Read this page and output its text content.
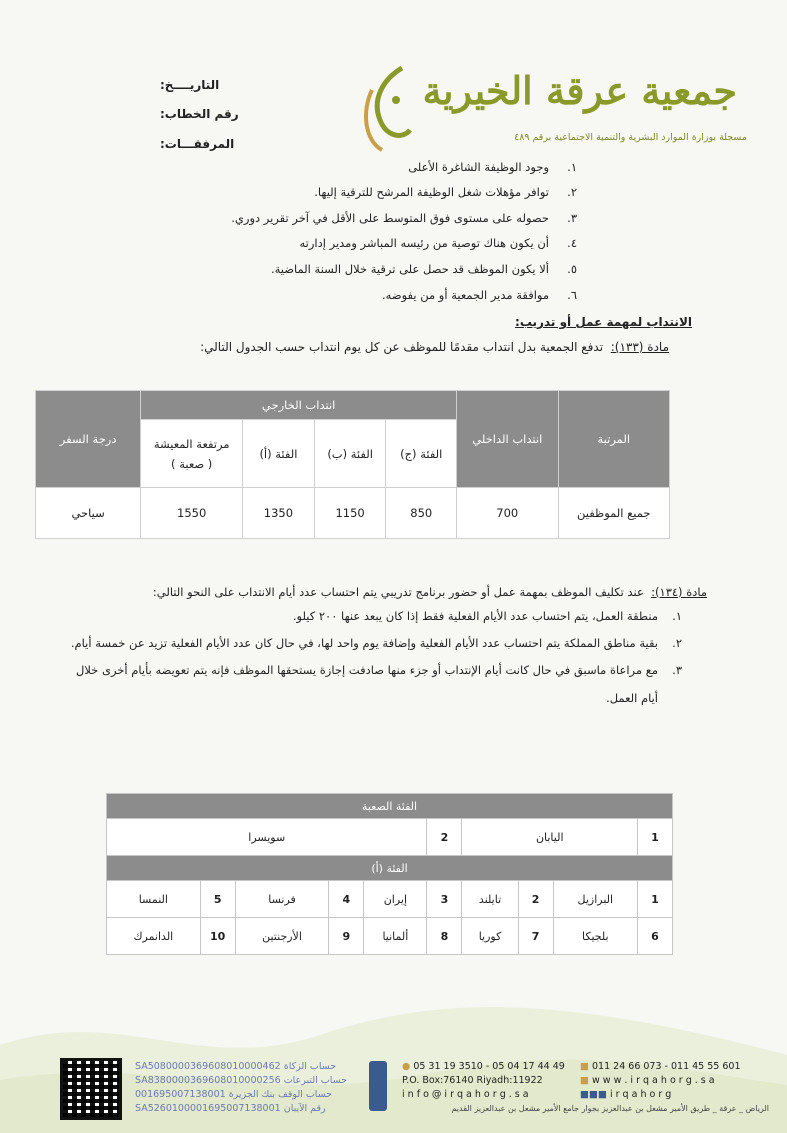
جمعية عرقة الخيرية
مسجلة بوزارة الموارد البشرية والتنمية الاجتماعية برقم ٤٨٩
التاريــــخ:
رقم الخطاب:
المرفقـــات:
١.وجود الوظيفة الشاغرة الأعلى
٢.توافر مؤهلات شغل الوظيفة المرشح للترقية إليها.
٣.حصوله على مستوى فوق المتوسط على الأقل في آخر تقرير دوري.
٤.أن يكون هناك توصية من رئيسه المباشر ومدير إدارته
٥.ألا يكون الموظف قد حصل على ترقية خلال السنة الماضية.
٦.موافقة مدير الجمعية أو من يفوضه.
الانتداب لمهمة عمل أو تدريب:
مادة (١٣٣):  تدفع الجمعية بدل انتداب مقدمًا للموظف عن كل يوم انتداب حسب الجدول التالي:
المرتبة	انتداب الداخلي	انتداب الخارجي				درجة السفر
		الفئة (ج)	الفئة (ب)	الفئة (أ)	مرتفعة المعيشة
( صعبة )	

جميع الموظفين	700	850	1150	1350	1550	سياحي
مادة (١٣٤):  عند تكليف الموظف بمهمة عمل أو حضور برنامج تدريبي يتم احتساب عدد أيام الانتداب على النحو التالي:
١.منطقة العمل، يتم احتساب عدد الأيام الفعلية فقط إذا كان يبعد عنها ٢٠٠ كيلو.
٢.بقية مناطق المملكة يتم احتساب عدد الأيام الفعلية وإضافة يوم واحد لها، في حال كان عدد الأيام الفعلية تزيد عن خمسة أيام.
٣.مع مراعاة ماسبق في حال كانت أيام الإنتداب أو جزء منها صادفت إجازة يستحقها الموظف فإنه يتم تعويضه بأيام أخرى خلال
أيام العمل.
الفئة الصعبة									
1	اليابان			2	سويسرا				
الفئة (أ)									
1	البرازيل	2	تايلند	3	إيران	4	فرنسا	5	النمسا
6	بلجيكا	7	كوريا	8	ألمانيا	9	الأرجنتين	10	الدانمرك
SA5080000369608010000462 حساب الزكاة
SA8380000369608010000256 حساب التبرعات
001695007138001 حساب الوقف بنك الجزيرة
SA5260100001695007138001 رقم الآيبان
● 05 31 19 3510 - 05 04 17 44 49
P.O. Box:76140 Riyadh:11922
i n f o @ i r q a h o r g . s a
■ 011 24 66 073 - 011 45 55 601
■ w w w . i r q a h o r g . s a
■■■ i r q a h o r g
الرياض _ عرقة _ طريق الأمير مشعل بن عبدالعزيز بجوار جامع الأمير مشعل بن عبدالعزيز القديم
